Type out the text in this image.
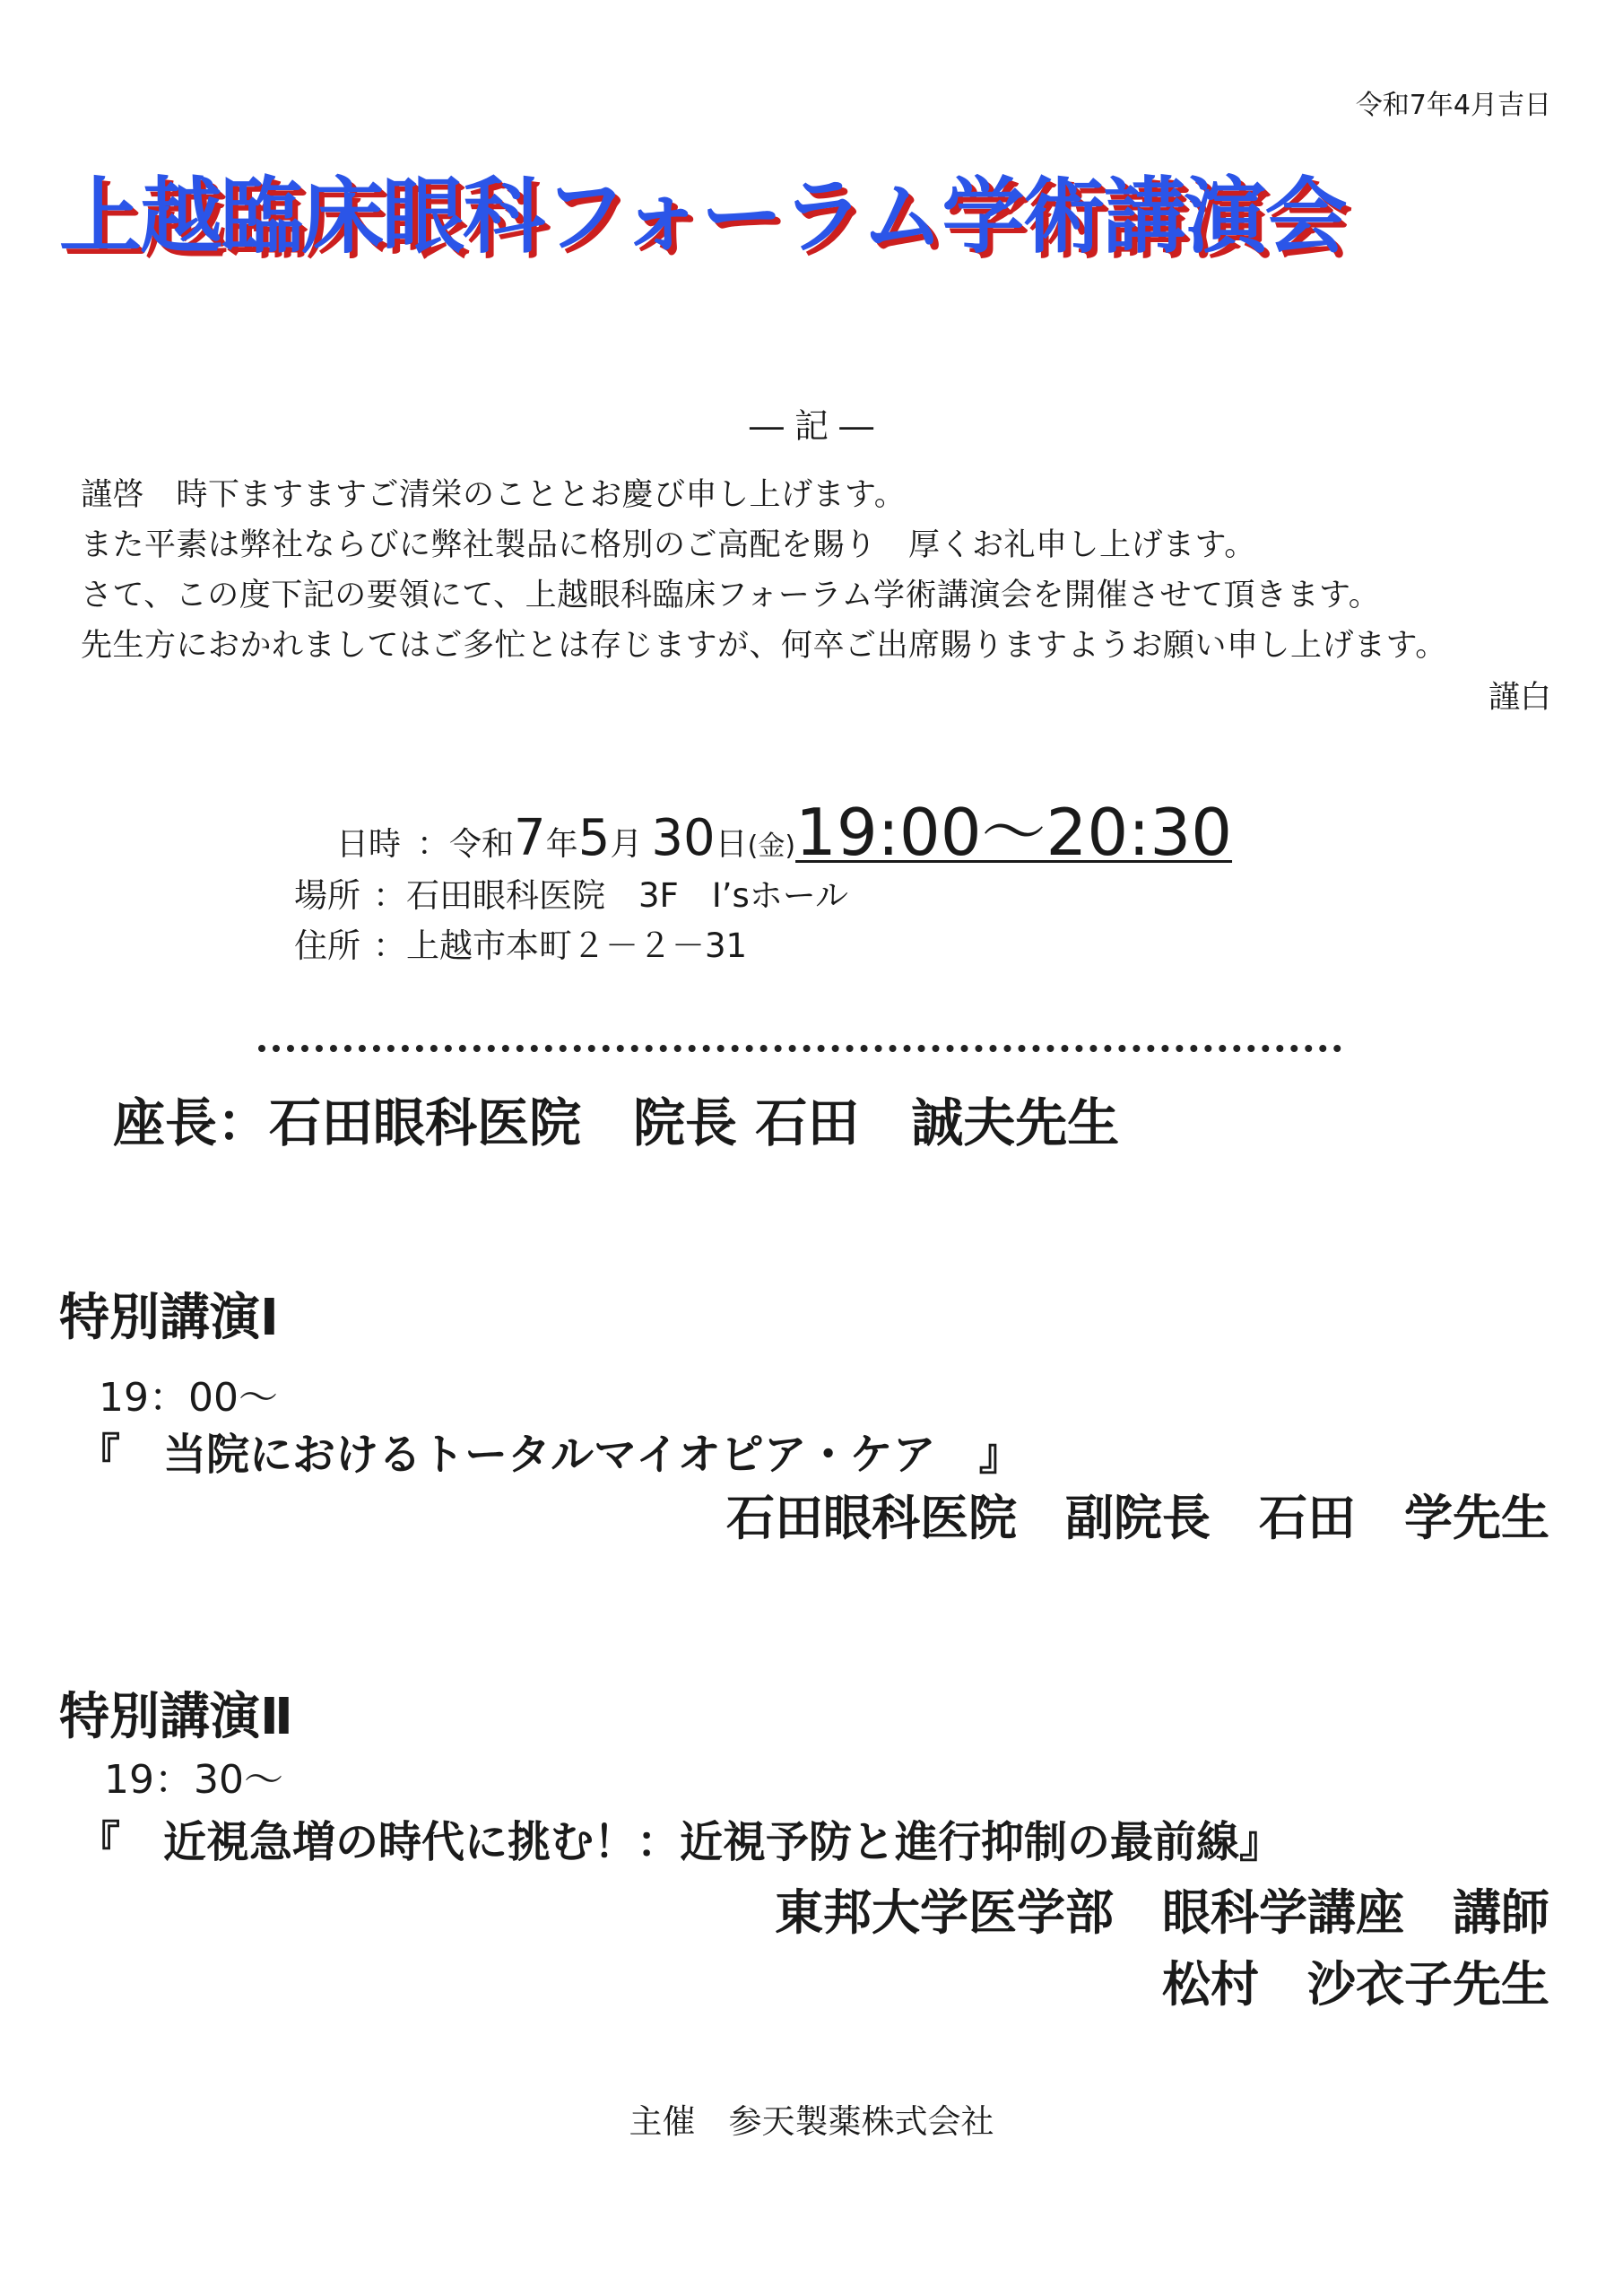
令和7年4月吉日
上越臨床眼科フォーラム学術講演会
― 記 ―
謹啓　時下ますますご清栄のこととお慶び申し上げます。
また平素は弊社ならびに弊社製品に格別のご高配を賜り　厚くお礼申し上げます。
さて、この度下記の要領にて、上越眼科臨床フォーラム学術講演会を開催させて頂きます。
先生方におかれましてはご多忙とは存じますが、何卒ご出席賜りますようお願い申し上げます。
謹白
日時 ：令和 7 年 5 月 30 日 (金) 19:00～20:30
場所 ：石田眼科医院　3F　I’sホール
住所 ：上越市本町２－２－31
座長：石田眼科医院　院長 石田　誠夫先生
特別講演Ⅰ
19：00～
『　当院におけるトータルマイオピア・ケア　』
石田眼科医院　副院長　石田　学先生
特別講演Ⅱ
19：30～
『　近視急増の時代に挑む！：近視予防と進行抑制の最前線』
東邦大学医学部　眼科学講座　講師
松村　沙衣子先生
主催　参天製薬株式会社
